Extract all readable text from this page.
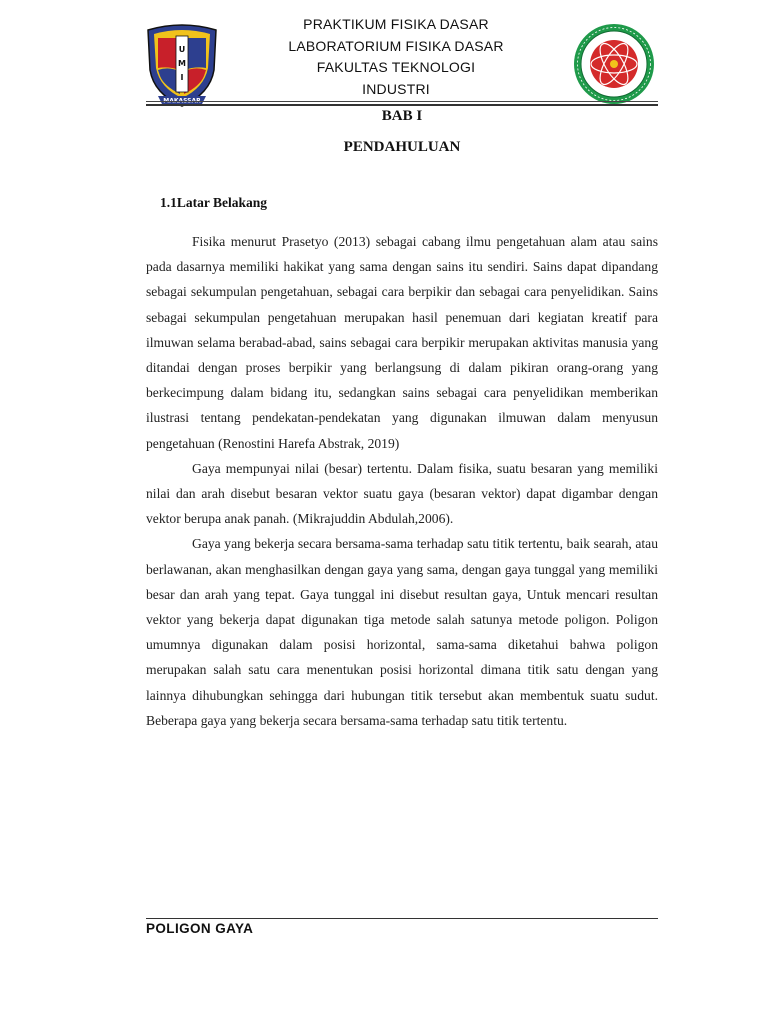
U
M
I
MAKASSAR
PRAKTIKUM FISIKA DASAR
LABORATORIUM FISIKA DASAR
FAKULTAS TEKNOLOGI
INDUSTRI
BAB I
PENDAHULUAN
1.1Latar Belakang

Fisika menurut Prasetyo (2013) sebagai cabang ilmu pengetahuan alam atau sains pada dasarnya memiliki hakikat yang sama dengan sains itu sendiri. Sains dapat dipandang sebagai sekumpulan pengetahuan, sebagai cara berpikir dan sebagai cara penyelidikan. Sains sebagai sekumpulan pengetahuan merupakan hasil penemuan dari kegiatan kreatif para ilmuwan selama berabad-abad, sains sebagai cara berpikir merupakan aktivitas manusia yang ditandai dengan proses berpikir yang berlangsung di dalam pikiran orang-orang yang berkecimpung dalam bidang itu, sedangkan sains sebagai cara penyelidikan memberikan ilustrasi tentang pendekatan-pendekatan yang digunakan ilmuwan dalam menyusun pengetahuan (Renostini Harefa Abstrak, 2019)

Gaya mempunyai nilai (besar) tertentu. Dalam fisika, suatu besaran yang memiliki nilai dan arah disebut besaran vektor suatu gaya (besaran vektor) dapat digambar dengan vektor berupa anak panah. (Mikrajuddin Abdulah,2006).

Gaya yang bekerja secara bersama-sama terhadap satu titik tertentu, baik searah, atau berlawanan, akan menghasilkan dengan gaya yang sama, dengan gaya tunggal yang memiliki besar dan arah yang tepat. Gaya tunggal ini disebut resultan gaya, Untuk mencari resultan vektor yang bekerja dapat digunakan tiga metode salah satunya metode poligon. Poligon umumnya digunakan dalam posisi horizontal, sama-sama diketahui bahwa poligon merupakan salah satu cara menentukan posisi horizontal dimana titik satu dengan yang lainnya dihubungkan sehingga dari hubungan titik tersebut akan membentuk suatu sudut. Beberapa gaya yang bekerja secara bersama-sama terhadap satu titik tertentu.

POLIGON GAYA
